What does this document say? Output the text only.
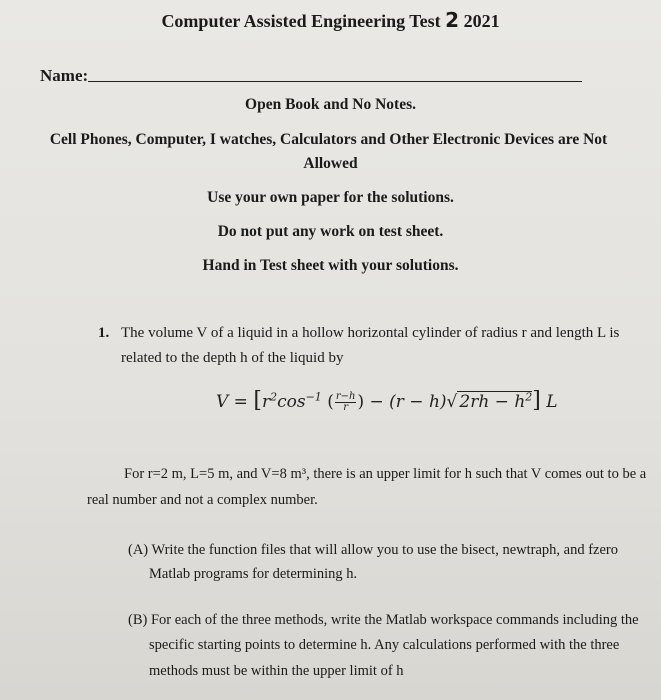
Computer Assisted Engineering Test 2 2021
Name:
Open Book and No Notes.
Cell Phones, Computer, I watches, Calculators and Other Electronic Devices are Not
Allowed
Use your own paper for the solutions.
Do not put any work on test sheet.
Hand in Test sheet with your solutions.
1. The volume V of a liquid in a hollow horizontal cylinder of radius r and length L is
related to the depth h of the liquid by
$V = [r^2\cos^{-1}$ ( $\frac{r-h}{r}$ ) − (r − h)√ $2rh - h^2$] L
For r=2 m, L=5 m, and V=8 m³, there is an upper limit for h such that V comes out to be a
real number and not a complex number.
(A) Write the function files that will allow you to use the bisect, newtraph, and fzero
Matlab programs for determining h.
(B) For each of the three methods, write the Matlab workspace commands including the
specific starting points to determine h. Any calculations performed with the three
methods must be within the upper limit of h
